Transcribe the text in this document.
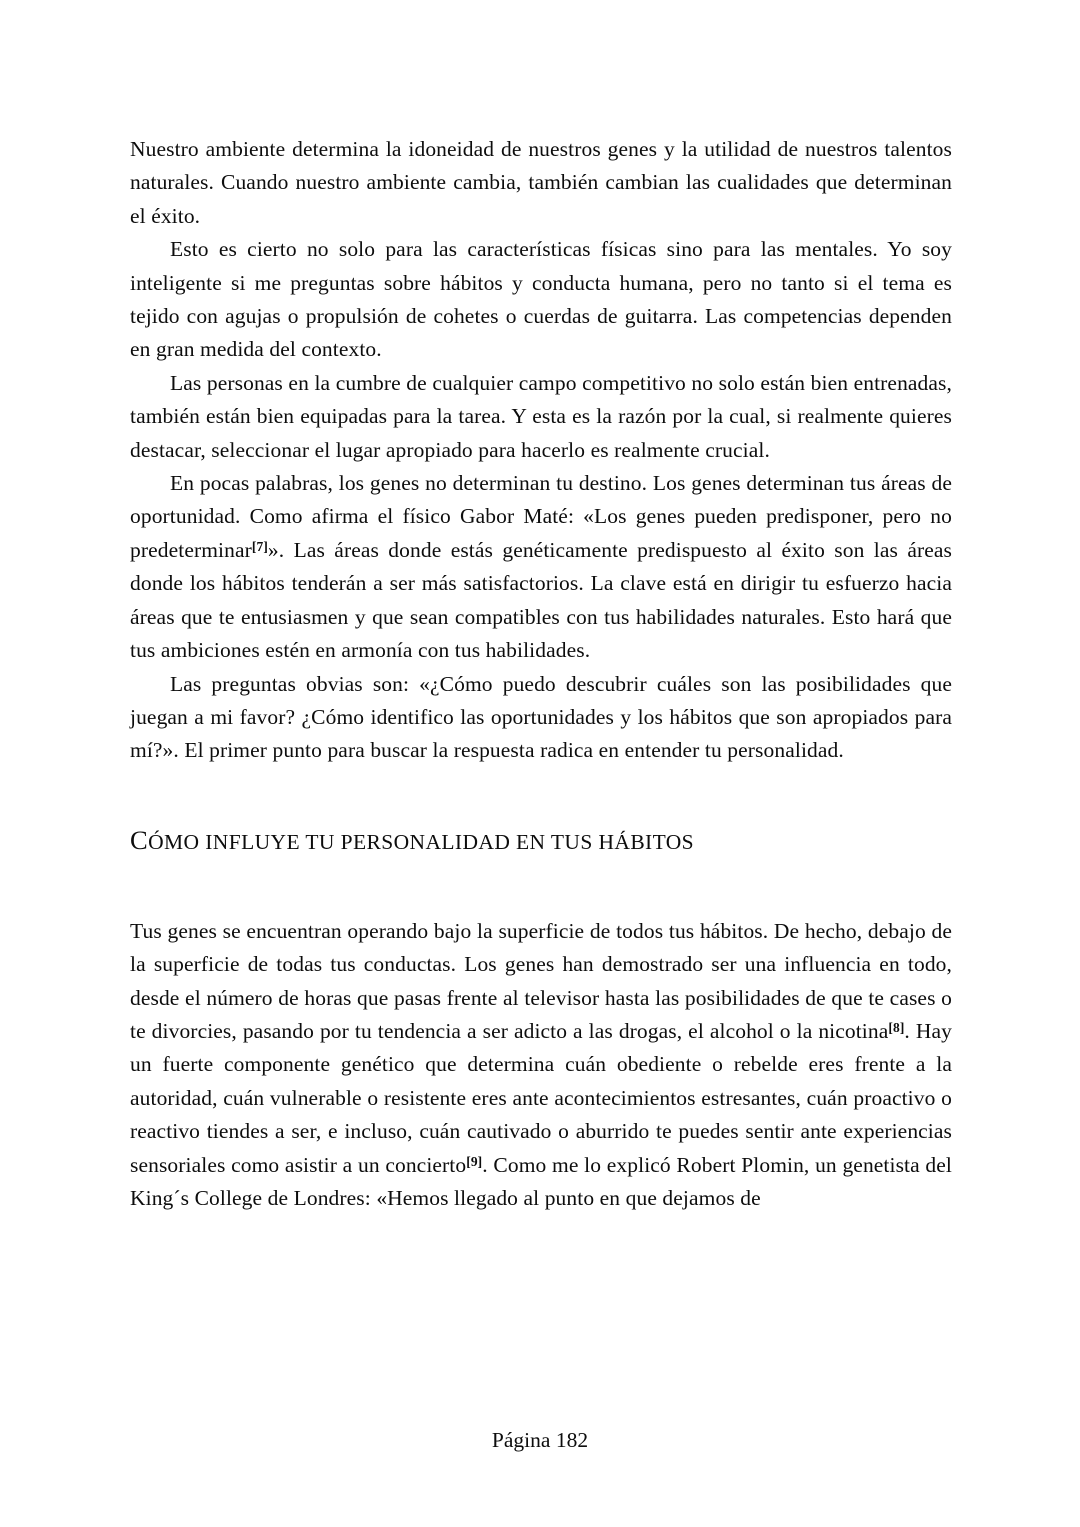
Nuestro ambiente determina la idoneidad de nuestros genes y la utilidad de nuestros talentos naturales. Cuando nuestro ambiente cambia, también cambian las cualidades que determinan el éxito.

Esto es cierto no solo para las características físicas sino para las mentales. Yo soy inteligente si me preguntas sobre hábitos y conducta humana, pero no tanto si el tema es tejido con agujas o propulsión de cohetes o cuerdas de guitarra. Las competencias dependen en gran medida del contexto.

Las personas en la cumbre de cualquier campo competitivo no solo están bien entrenadas, también están bien equipadas para la tarea. Y esta es la razón por la cual, si realmente quieres destacar, seleccionar el lugar apropiado para hacerlo es realmente crucial.

En pocas palabras, los genes no determinan tu destino. Los genes determinan tus áreas de oportunidad. Como afirma el físico Gabor Maté: «Los genes pueden predisponer, pero no predeterminar[7]». Las áreas donde estás genéticamente predispuesto al éxito son las áreas donde los hábitos tenderán a ser más satisfactorios. La clave está en dirigir tu esfuerzo hacia áreas que te entusiasmen y que sean compatibles con tus habilidades naturales. Esto hará que tus ambiciones estén en armonía con tus habilidades.

Las preguntas obvias son: «¿Cómo puedo descubrir cuáles son las posibilidades que juegan a mi favor? ¿Cómo identifico las oportunidades y los hábitos que son apropiados para mí?». El primer punto para buscar la respuesta radica en entender tu personalidad.

CÓMO INFLUYE TU PERSONALIDAD EN TUS HÁBITOS

Tus genes se encuentran operando bajo la superficie de todos tus hábitos. De hecho, debajo de la superficie de todas tus conductas. Los genes han demostrado ser una influencia en todo, desde el número de horas que pasas frente al televisor hasta las posibilidades de que te cases o te divorcies, pasando por tu tendencia a ser adicto a las drogas, el alcohol o la nicotina[8]. Hay un fuerte componente genético que determina cuán obediente o rebelde eres frente a la autoridad, cuán vulnerable o resistente eres ante acontecimientos estresantes, cuán proactivo o reactivo tiendes a ser, e incluso, cuán cautivado o aburrido te puedes sentir ante experiencias sensoriales como asistir a un concierto[9]. Como me lo explicó Robert Plomin, un genetista del King´s College de Londres: «Hemos llegado al punto en que dejamos de

Página 182
